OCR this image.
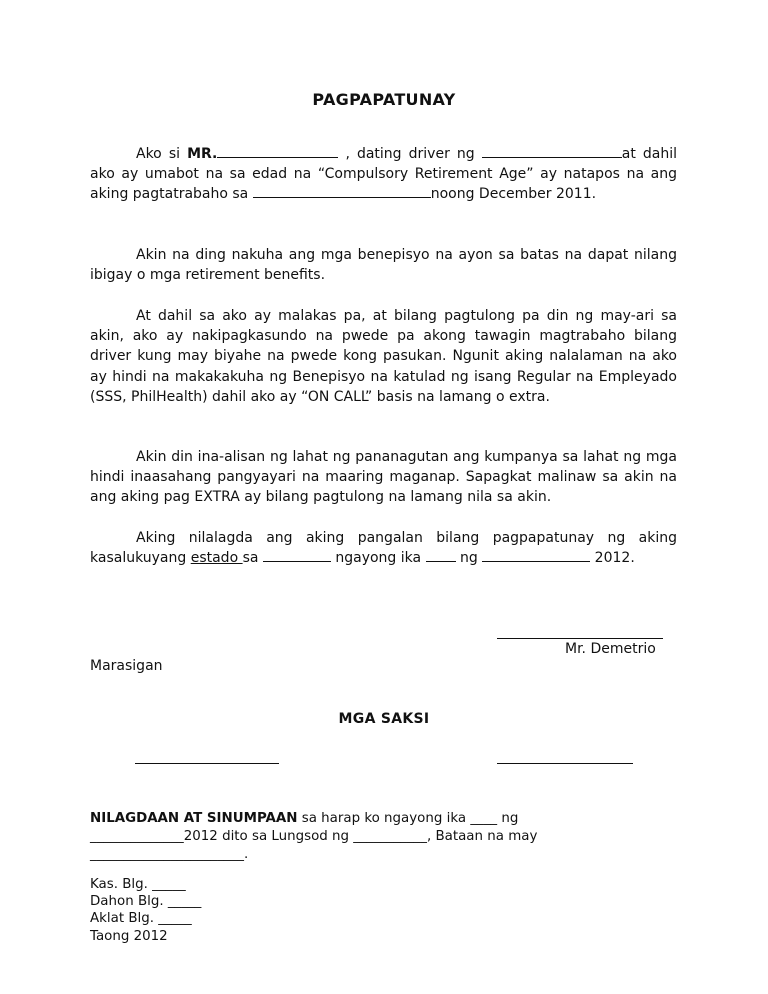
PAGPAPATUNAY
Ako si MR.	, dating driver ng	at dahil ako ay umabot na sa edad na “Compulsory Retirement Age” ay natapos na ang aking pagtatrabaho sa	noong December 2011.
Akin na ding nakuha ang mga benepisyo na ayon sa batas na dapat nilang ibigay o mga retirement benefits.
At dahil sa ako ay malakas pa, at bilang pagtulong pa din ng may-ari sa akin, ako ay nakipagkasundo na pwede pa akong tawagin magtrabaho bilang driver kung may biyahe na pwede kong pasukan. Ngunit aking nalalaman na ako ay hindi na makakakuha ng Benepisyo na katulad ng isang Regular na Empleyado (SSS, PhilHealth) dahil ako ay “ON CALL” basis na lamang o extra.
Akin din ina-alisan ng lahat ng pananagutan ang kumpanya sa lahat ng mga hindi inaasahang pangyayari na maaring maganap. Sapagkat malinaw sa akin na ang aking pag EXTRA ay bilang pagtulong na lamang nila sa akin.
Aking nilalagda ang aking pangalan bilang pagpapatunay ng aking kasalukuyang estado sa	ngayong ika  ng	2012.
Mr. Demetrio
Marasigan
MGA SAKSI
NILAGDAAN AT SINUMPAAN sa harap ko ngayong ika ____ ng
______________2012 dito sa Lungsod ng ___________, Bataan na may
_______________________.
Kas. Blg. _____
Dahon Blg. _____
Aklat Blg. _____
Taong 2012
